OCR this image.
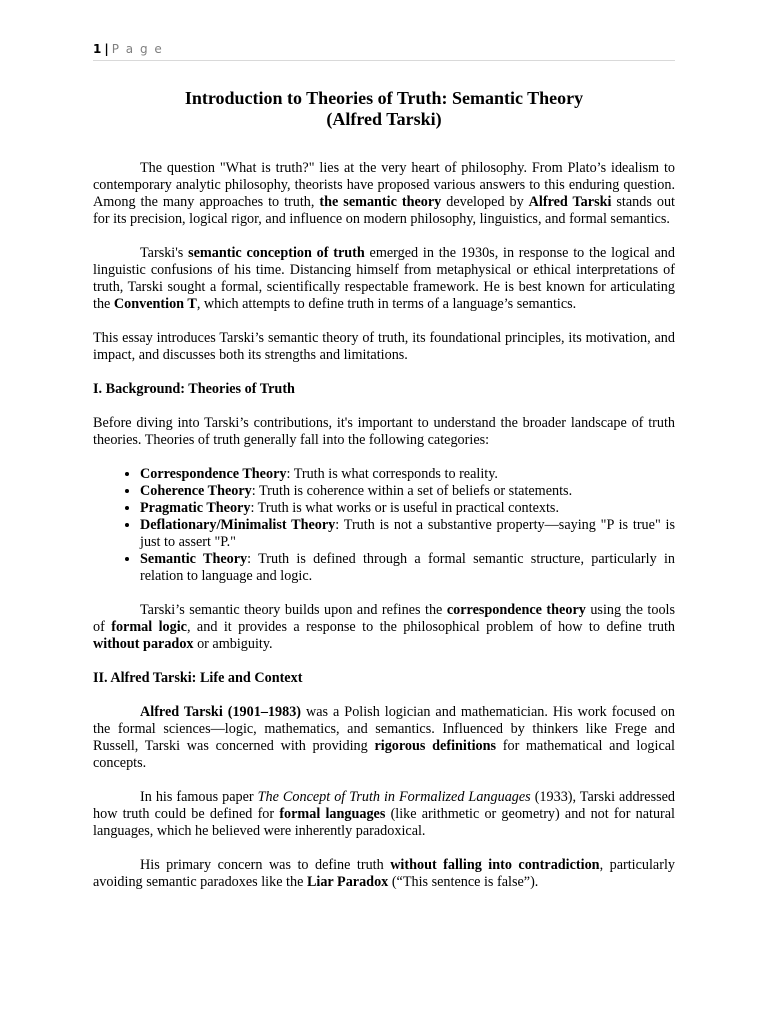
1 | P a g e
Introduction to Theories of Truth: Semantic Theory
(Alfred Tarski)

The question "What is truth?" lies at the very heart of philosophy. From Plato’s idealism to contemporary analytic philosophy, theorists have proposed various answers to this enduring question. Among the many approaches to truth, the semantic theory developed by Alfred Tarski stands out for its precision, logical rigor, and influence on modern philosophy, linguistics, and formal semantics.

Tarski's semantic conception of truth emerged in the 1930s, in response to the logical and linguistic confusions of his time. Distancing himself from metaphysical or ethical interpretations of truth, Tarski sought a formal, scientifically respectable framework. He is best known for articulating the Convention T, which attempts to define truth in terms of a language’s semantics.

This essay introduces Tarski’s semantic theory of truth, its foundational principles, its motivation, and impact, and discusses both its strengths and limitations.

I. Background: Theories of Truth

Before diving into Tarski’s contributions, it's important to understand the broader landscape of truth theories. Theories of truth generally fall into the following categories:

• Correspondence Theory: Truth is what corresponds to reality.
• Coherence Theory: Truth is coherence within a set of beliefs or statements.
• Pragmatic Theory: Truth is what works or is useful in practical contexts.
• Deflationary/Minimalist Theory: Truth is not a substantive property—saying "P is true" is just to assert "P."
• Semantic Theory: Truth is defined through a formal semantic structure, particularly in relation to language and logic.

Tarski’s semantic theory builds upon and refines the correspondence theory using the tools of formal logic, and it provides a response to the philosophical problem of how to define truth without paradox or ambiguity.

II. Alfred Tarski: Life and Context

Alfred Tarski (1901–1983) was a Polish logician and mathematician. His work focused on the formal sciences—logic, mathematics, and semantics. Influenced by thinkers like Frege and Russell, Tarski was concerned with providing rigorous definitions for mathematical and logical concepts.

In his famous paper The Concept of Truth in Formalized Languages (1933), Tarski addressed how truth could be defined for formal languages (like arithmetic or geometry) and not for natural languages, which he believed were inherently paradoxical.

His primary concern was to define truth without falling into contradiction, particularly avoiding semantic paradoxes like the Liar Paradox (“This sentence is false”).
